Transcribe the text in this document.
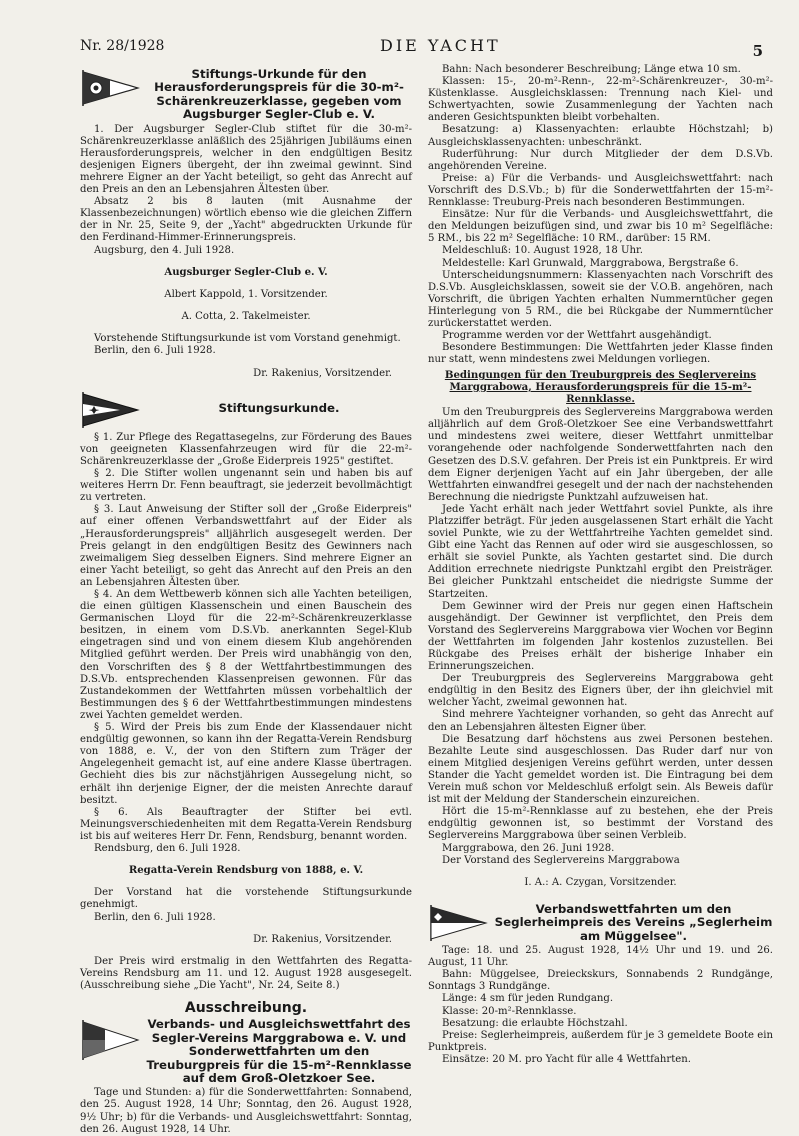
Nr. 28/1928	DIE YACHT	5
Stiftungs-Urkunde für den Herausforderungspreis für die 30-m²-Schärenkreuzerklasse, gegeben vom Augsburger Segler-Club e. V.

1. Der Augsburger Segler-Club stiftet für die 30-m²-Schärenkreuzerklasse anläßlich des 25jährigen Jubiläums einen Herausforderungspreis, welcher in den endgültigen Besitz desjenigen Eigners übergeht, der ihn zweimal gewinnt. Sind mehrere Eigner an der Yacht beteiligt, so geht das Anrecht auf den Preis an den an Lebensjahren Ältesten über.

Absatz 2 bis 8 lauten (mit Ausnahme der Klassenbezeichnungen) wörtlich ebenso wie die gleichen Ziffern der in Nr. 25, Seite 9, der „Yacht" abgedruckten Urkunde für den Ferdinand-Himmer-Erinnerungspreis.

Augsburg, den 4. Juli 1928.

Augsburger Segler-Club e. V.

Albert Kappold, 1. Vorsitzender.

A. Cotta, 2. Takelmeister.

Vorstehende Stiftungsurkunde ist vom Vorstand genehmigt.

Berlin, den 6. Juli 1928.

Dr. Rakenius, Vorsitzender.

Stiftungsurkunde.

§ 1. Zur Pflege des Regattasegelns, zur Förderung des Baues von geeigneten Klassenfahrzeugen wird für die 22-m²-Schärenkreuzerklasse der „Große Eiderpreis 1925" gestiftet.

§ 2. Die Stifter wollen ungenannt sein und haben bis auf weiteres Herrn Dr. Fenn beauftragt, sie jederzeit bevollmächtigt zu vertreten.

§ 3. Laut Anweisung der Stifter soll der „Große Eiderpreis" auf einer offenen Verbandswettfahrt auf der Eider als „Herausforderungspreis" alljährlich ausgesegelt werden. Der Preis gelangt in den endgültigen Besitz des Gewinners nach zweimaligem Sieg desselben Eigners. Sind mehrere Eigner an einer Yacht beteiligt, so geht das Anrecht auf den Preis an den an Lebensjahren Ältesten über.

§ 4. An dem Wettbewerb können sich alle Yachten beteiligen, die einen gültigen Klassenschein und einen Bauschein des Germanischen Lloyd für die 22-m²-Schärenkreuzerklasse besitzen, in einem vom D.S.Vb. anerkannten Segel-Klub eingetragen sind und von einem diesem Klub angehörenden Mitglied geführt werden. Der Preis wird unabhängig von den, den Vorschriften des § 8 der Wettfahrtbestimmungen des D.S.Vb. entsprechenden Klassenpreisen gewonnen. Für das Zustandekommen der Wettfahrten müssen vorbehaltlich der Bestimmungen des § 6 der Wettfahrtbestimmungen mindestens zwei Yachten gemeldet werden.

§ 5. Wird der Preis bis zum Ende der Klassendauer nicht endgültig gewonnen, so kann ihn der Regatta-Verein Rendsburg von 1888, e. V., der von den Stiftern zum Träger der Angelegenheit gemacht ist, auf eine andere Klasse übertragen. Gechieht dies bis zur nächstjährigen Aussegelung nicht, so erhält ihn derjenige Eigner, der die meisten Anrechte darauf besitzt.

§ 6. Als Beauftragter der Stifter bei evtl. Meinungsverschiedenheiten mit dem Regatta-Verein Rendsburg ist bis auf weiteres Herr Dr. Fenn, Rendsburg, benannt worden.

Rendsburg, den 6. Juli 1928.

Regatta-Verein Rendsburg von 1888, e. V.

Der Vorstand hat die vorstehende Stiftungsurkunde genehmigt.

Berlin, den 6. Juli 1928.

Dr. Rakenius, Vorsitzender.

Der Preis wird erstmalig in den Wettfahrten des Regatta-Vereins Rendsburg am 11. und 12. August 1928 ausgesegelt. (Ausschreibung siehe „Die Yacht", Nr. 24, Seite 8.)

Ausschreibung.
Verbands- und Ausgleichswettfahrt des Segler-Vereins Marggrabowa e. V. und Sonderwettfahrten um den Treuburgpreis für die 15-m²-Rennklasse auf dem Groß-Oletzkoer See.

Tage und Stunden: a) für die Sonderwettfahrten: Sonnabend, den 25. August 1928, 14 Uhr; Sonntag, den 26. August 1928, 9½ Uhr; b) für die Verbands- und Ausgleichswettfahrt: Sonntag, den 26. August 1928, 14 Uhr.

Bahn: Nach besonderer Beschreibung; Länge etwa 10 sm.

Klassen: 15-, 20-m²-Renn-, 22-m²-Schärenkreuzer-, 30-m²-Küstenklasse. Ausgleichsklassen: Trennung nach Kiel- und Schwertyachten, sowie Zusammenlegung der Yachten nach anderen Gesichtspunkten bleibt vorbehalten.

Besatzung: a) Klassenyachten: erlaubte Höchstzahl; b) Ausgleichsklassenyachten: unbeschränkt.

Ruderführung: Nur durch Mitglieder der dem D.S.Vb. angehörenden Vereine.

Preise: a) Für die Verbands- und Ausgleichswettfahrt: nach Vorschrift des D.S.Vb.; b) für die Sonderwettfahrten der 15-m²-Rennklasse: Treuburg-Preis nach besonderen Bestimmungen.

Einsätze: Nur für die Verbands- und Ausgleichswettfahrt, die den Meldungen beizufügen sind, und zwar bis 10 m² Segelfläche: 5 RM., bis 22 m² Segelfläche: 10 RM., darüber: 15 RM.

Meldeschluß: 10. August 1928, 18 Uhr.

Meldestelle: Karl Grunwald, Marggrabowa, Bergstraße 6.

Unterscheidungsnummern: Klassenyachten nach Vorschrift des D.S.Vb. Ausgleichsklassen, soweit sie der V.O.B. angehören, nach Vorschrift, die übrigen Yachten erhalten Nummerntücher gegen Hinterlegung von 5 RM., die bei Rückgabe der Nummerntücher zurückerstattet werden.

Programme werden vor der Wettfahrt ausgehändigt.

Besondere Bestimmungen: Die Wettfahrten jeder Klasse finden nur statt, wenn mindestens zwei Meldungen vorliegen.

Bedingungen für den Treuburgpreis des Seglervereins Marggrabowa, Herausforderungspreis für die 15-m²-Rennklasse.

Um den Treuburgpreis des Seglervereins Marggrabowa werden alljährlich auf dem Groß-Oletzkoer See eine Verbandswettfahrt und mindestens zwei weitere, dieser Wettfahrt unmittelbar vorangehende oder nachfolgende Sonderwettfahrten nach den Gesetzen des D.S.V. gefahren. Der Preis ist ein Punktpreis. Er wird dem Eigner derjenigen Yacht auf ein Jahr übergeben, der alle Wettfahrten einwandfrei gesegelt und der nach der nachstehenden Berechnung die niedrigste Punktzahl aufzuweisen hat.

Jede Yacht erhält nach jeder Wettfahrt soviel Punkte, als ihre Platzziffer beträgt. Für jeden ausgelassenen Start erhält die Yacht soviel Punkte, wie zu der Wettfahrtreihe Yachten gemeldet sind. Gibt eine Yacht das Rennen auf oder wird sie ausgeschlossen, so erhält sie soviel Punkte, als Yachten gestartet sind. Die durch Addition errechnete niedrigste Punktzahl ergibt den Preisträger. Bei gleicher Punktzahl entscheidet die niedrigste Summe der Startzeiten.

Dem Gewinner wird der Preis nur gegen einen Haftschein ausgehändigt. Der Gewinner ist verpflichtet, den Preis dem Vorstand des Seglervereins Marggrabowa vier Wochen vor Beginn der Wettfahrten im folgenden Jahr kostenlos zuzustellen. Bei Rückgabe des Preises erhält der bisherige Inhaber ein Erinnerungszeichen.

Der Treuburgpreis des Seglervereins Marggrabowa geht endgültig in den Besitz des Eigners über, der ihn gleichviel mit welcher Yacht, zweimal gewonnen hat.

Sind mehrere Yachteigner vorhanden, so geht das Anrecht auf den an Lebensjahren ältesten Eigner über.

Die Besatzung darf höchstens aus zwei Personen bestehen. Bezahlte Leute sind ausgeschlossen. Das Ruder darf nur von einem Mitglied desjenigen Vereins geführt werden, unter dessen Stander die Yacht gemeldet worden ist. Die Eintragung bei dem Verein muß schon vor Meldeschluß erfolgt sein. Als Beweis dafür ist mit der Meldung der Standerschein einzureichen.

Hört die 15-m²-Rennklasse auf zu bestehen, ehe der Preis endgültig gewonnen ist, so bestimmt der Vorstand des Seglervereins Marggrabowa über seinen Verbleib.

Marggrabowa, den 26. Juni 1928.

Der Vorstand des Seglervereins Marggrabowa

I. A.: A. Czygan, Vorsitzender.

Verbandswettfahrten um den Seglerheimpreis des Vereins „Seglerheim am Müggelsee".

Tage: 18. und 25. August 1928, 14½ Uhr und 19. und 26. August, 11 Uhr.

Bahn: Müggelsee, Dreieckskurs, Sonnabends 2 Rundgänge, Sonntags 3 Rundgänge.

Länge: 4 sm für jeden Rundgang.

Klasse: 20-m²-Rennklasse.

Besatzung: die erlaubte Höchstzahl.

Preise: Seglerheimpreis, außerdem für je 3 gemeldete Boote ein Punktpreis.

Einsätze: 20 M. pro Yacht für alle 4 Wettfahrten.
